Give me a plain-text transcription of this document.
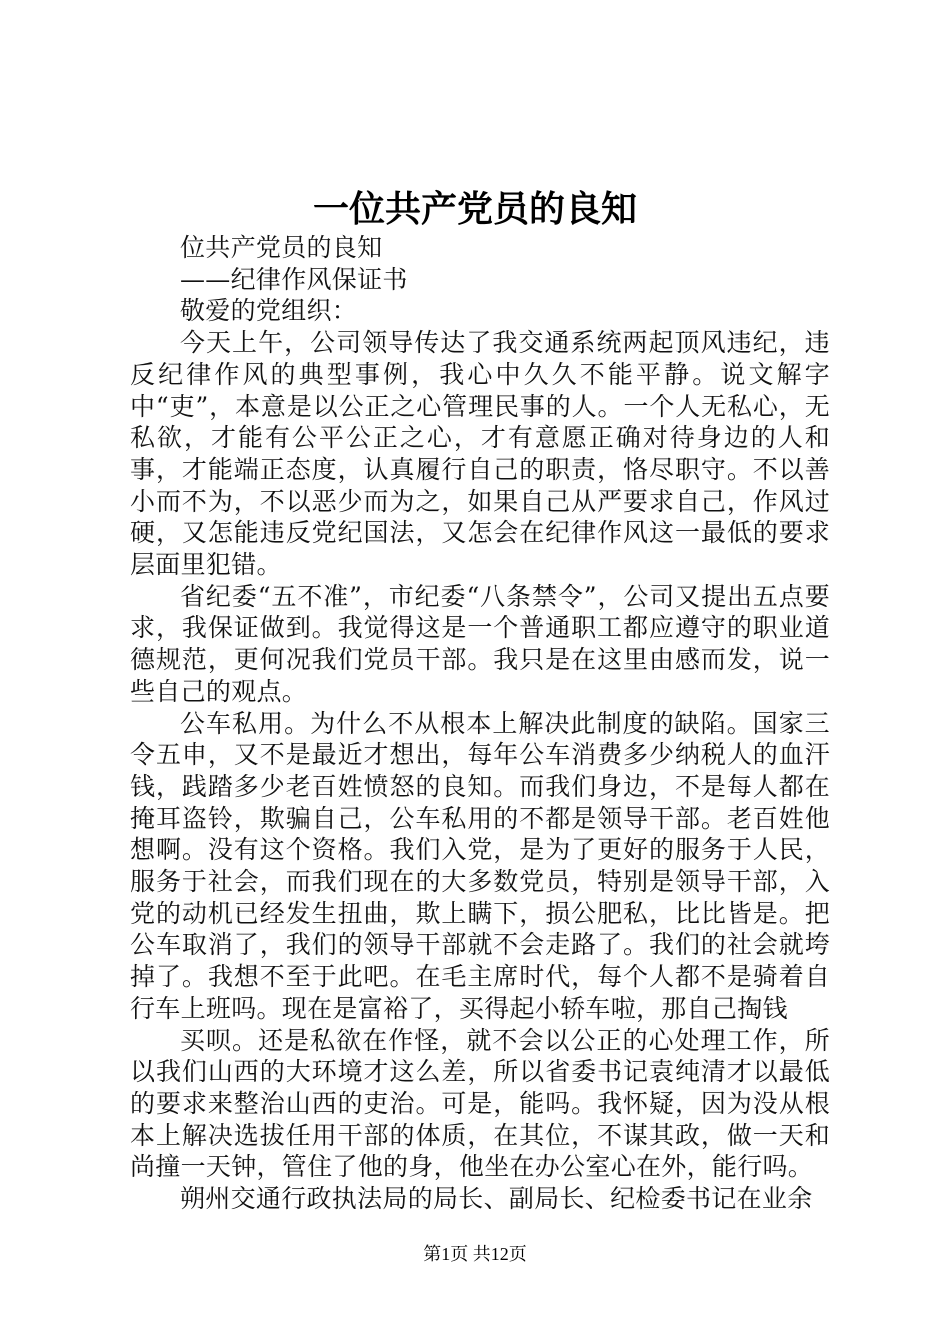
一位共产党员的良知

位共产党员的良知

——纪律作风保证书

敬爱的党组织：

今天上午，公司领导传达了我交通系统两起顶风违纪，违反纪律作风的典型事例，我心中久久不能平静。说文解字中“吏”，本意是以公正之心管理民事的人。一个人无私心，无私欲，才能有公平公正之心，才有意愿正确对待身边的人和事，才能端正态度，认真履行自己的职责，恪尽职守。不以善小而不为，不以恶少而为之，如果自己从严要求自己，作风过硬，又怎能违反党纪国法，又怎会在纪律作风这一最低的要求层面里犯错。

省纪委“五不准”，市纪委“八条禁令”，公司又提出五点要求，我保证做到。我觉得这是一个普通职工都应遵守的职业道德规范，更何况我们党员干部。我只是在这里由感而发，说一些自己的观点。

公车私用。为什么不从根本上解决此制度的缺陷。国家三令五申，又不是最近才想出，每年公车消费多少纳税人的血汗钱，践踏多少老百姓愤怒的良知。而我们身边，不是每人都在掩耳盗铃，欺骗自己，公车私用的不都是领导干部。老百姓他想啊。没有这个资格。我们入党，是为了更好的服务于人民，服务于社会，而我们现在的大多数党员，特别是领导干部，入党的动机已经发生扭曲，欺上瞒下，损公肥私，比比皆是。把公车取消了，我们的领导干部就不会走路了。我们的社会就垮掉了。我想不至于此吧。在毛主席时代，每个人都不是骑着自行车上班吗。现在是富裕了，买得起小轿车啦，那自己掏钱

买呗。还是私欲在作怪，就不会以公正的心处理工作，所以我们山西的大环境才这么差，所以省委书记袁纯清才以最低的要求来整治山西的吏治。可是，能吗。我怀疑，因为没从根本上解决选拔任用干部的体质，在其位，不谋其政，做一天和尚撞一天钟，管住了他的身，他坐在办公室心在外，能行吗。

朔州交通行政执法局的局长、副局长、纪检委书记在业余

第1页 共12页
